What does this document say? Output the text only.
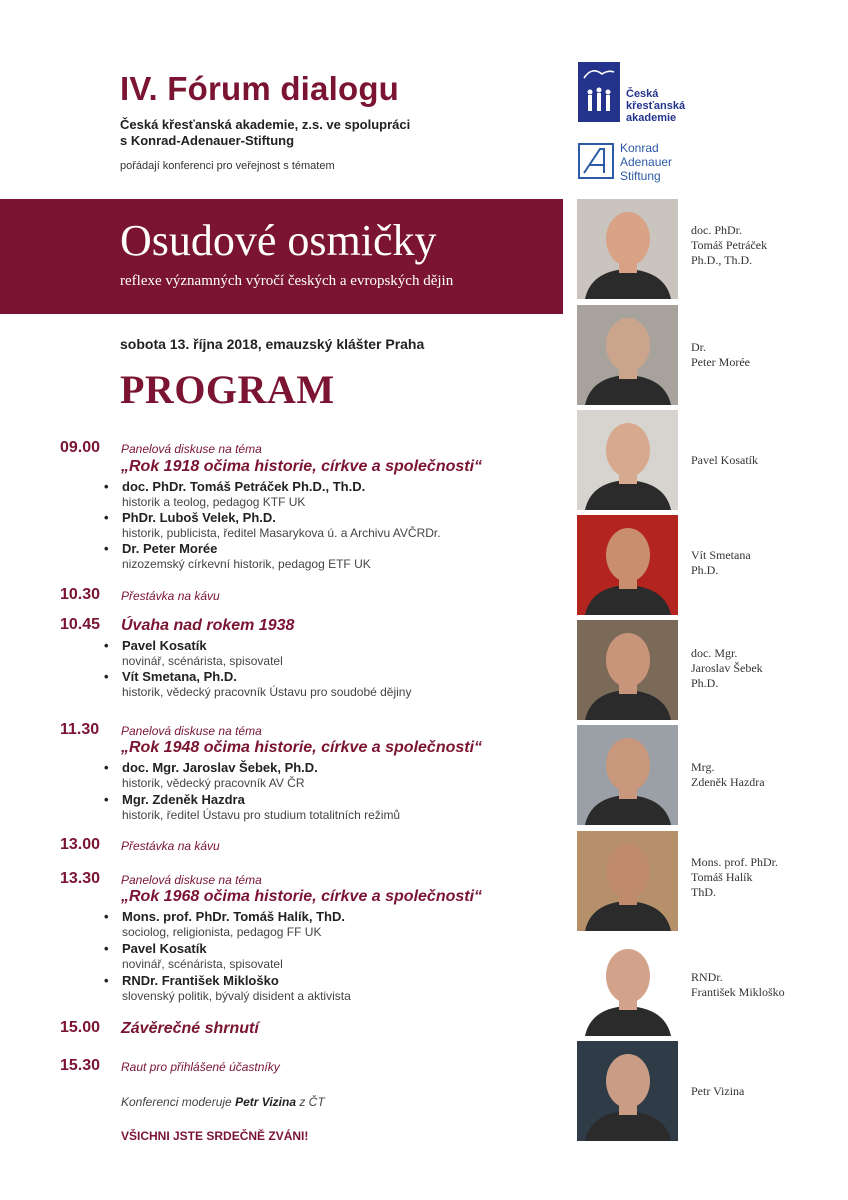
IV. Fórum dialogu
Česká křesťanská akademie, z.s. ve spolupráci
s Konrad-Adenauer-Stiftung
pořádají konferenci pro veřejnost s tématem
Česká
křesťanská
akademie
Konrad
Adenauer
Stiftung
Osudové osmičky
reflexe významných výročí českých a evropských dějin
sobota 13. října 2018, emauzský klášter Praha
PROGRAM
09.00 Panelová diskuse na téma
„Rok 1918 očima historie, církve a společnosti“
• doc. PhDr. Tomáš Petráček Ph.D., Th.D.
historik a teolog, pedagog KTF UK
• PhDr. Luboš Velek, Ph.D.
historik, publicista, ředitel Masarykova ú. a Archivu AVČRDr.
• Dr. Peter Morée
nizozemský církevní historik, pedagog ETF UK
10.30 Přestávka na kávu
10.45 Úvaha nad rokem 1938
• Pavel Kosatík
novinář, scénárista, spisovatel
• Vít Smetana, Ph.D.
historik, vědecký pracovník Ústavu pro soudobé dějiny
11.30 Panelová diskuse na téma
„Rok 1948 očima historie, církve a společnosti“
• doc. Mgr. Jaroslav Šebek, Ph.D.
historik, vědecký pracovník AV ČR
• Mgr. Zdeněk Hazdra
historik, ředitel Ústavu pro studium totalitních režimů
13.00 Přestávka na kávu
13.30 Panelová diskuse na téma
„Rok 1968 očima historie, církve a společnosti“
• Mons. prof. PhDr. Tomáš Halík, ThD.
sociolog, religionista, pedagog FF UK
• Pavel Kosatík
novinář, scénárista, spisovatel
• RNDr. František Mikloško
slovenský politik, bývalý disident a aktivista
15.00 Závěrečné shrnutí
15.30 Raut pro přihlášené účastníky
Konferenci moderuje Petr Vizina z ČT
VŠICHNI JSTE SRDEČNĚ ZVÁNI!
doc. PhDr.
Tomáš Petráček
Ph.D., Th.D.
Dr.
Peter Morée
Pavel Kosatík
Vít Smetana
Ph.D.
doc. Mgr.
Jaroslav Šebek
Ph.D.
Mrg.
Zdeněk Hazdra
Mons. prof. PhDr.
Tomáš Halík
ThD.
RNDr.
František Mikloško
Petr Vizina
